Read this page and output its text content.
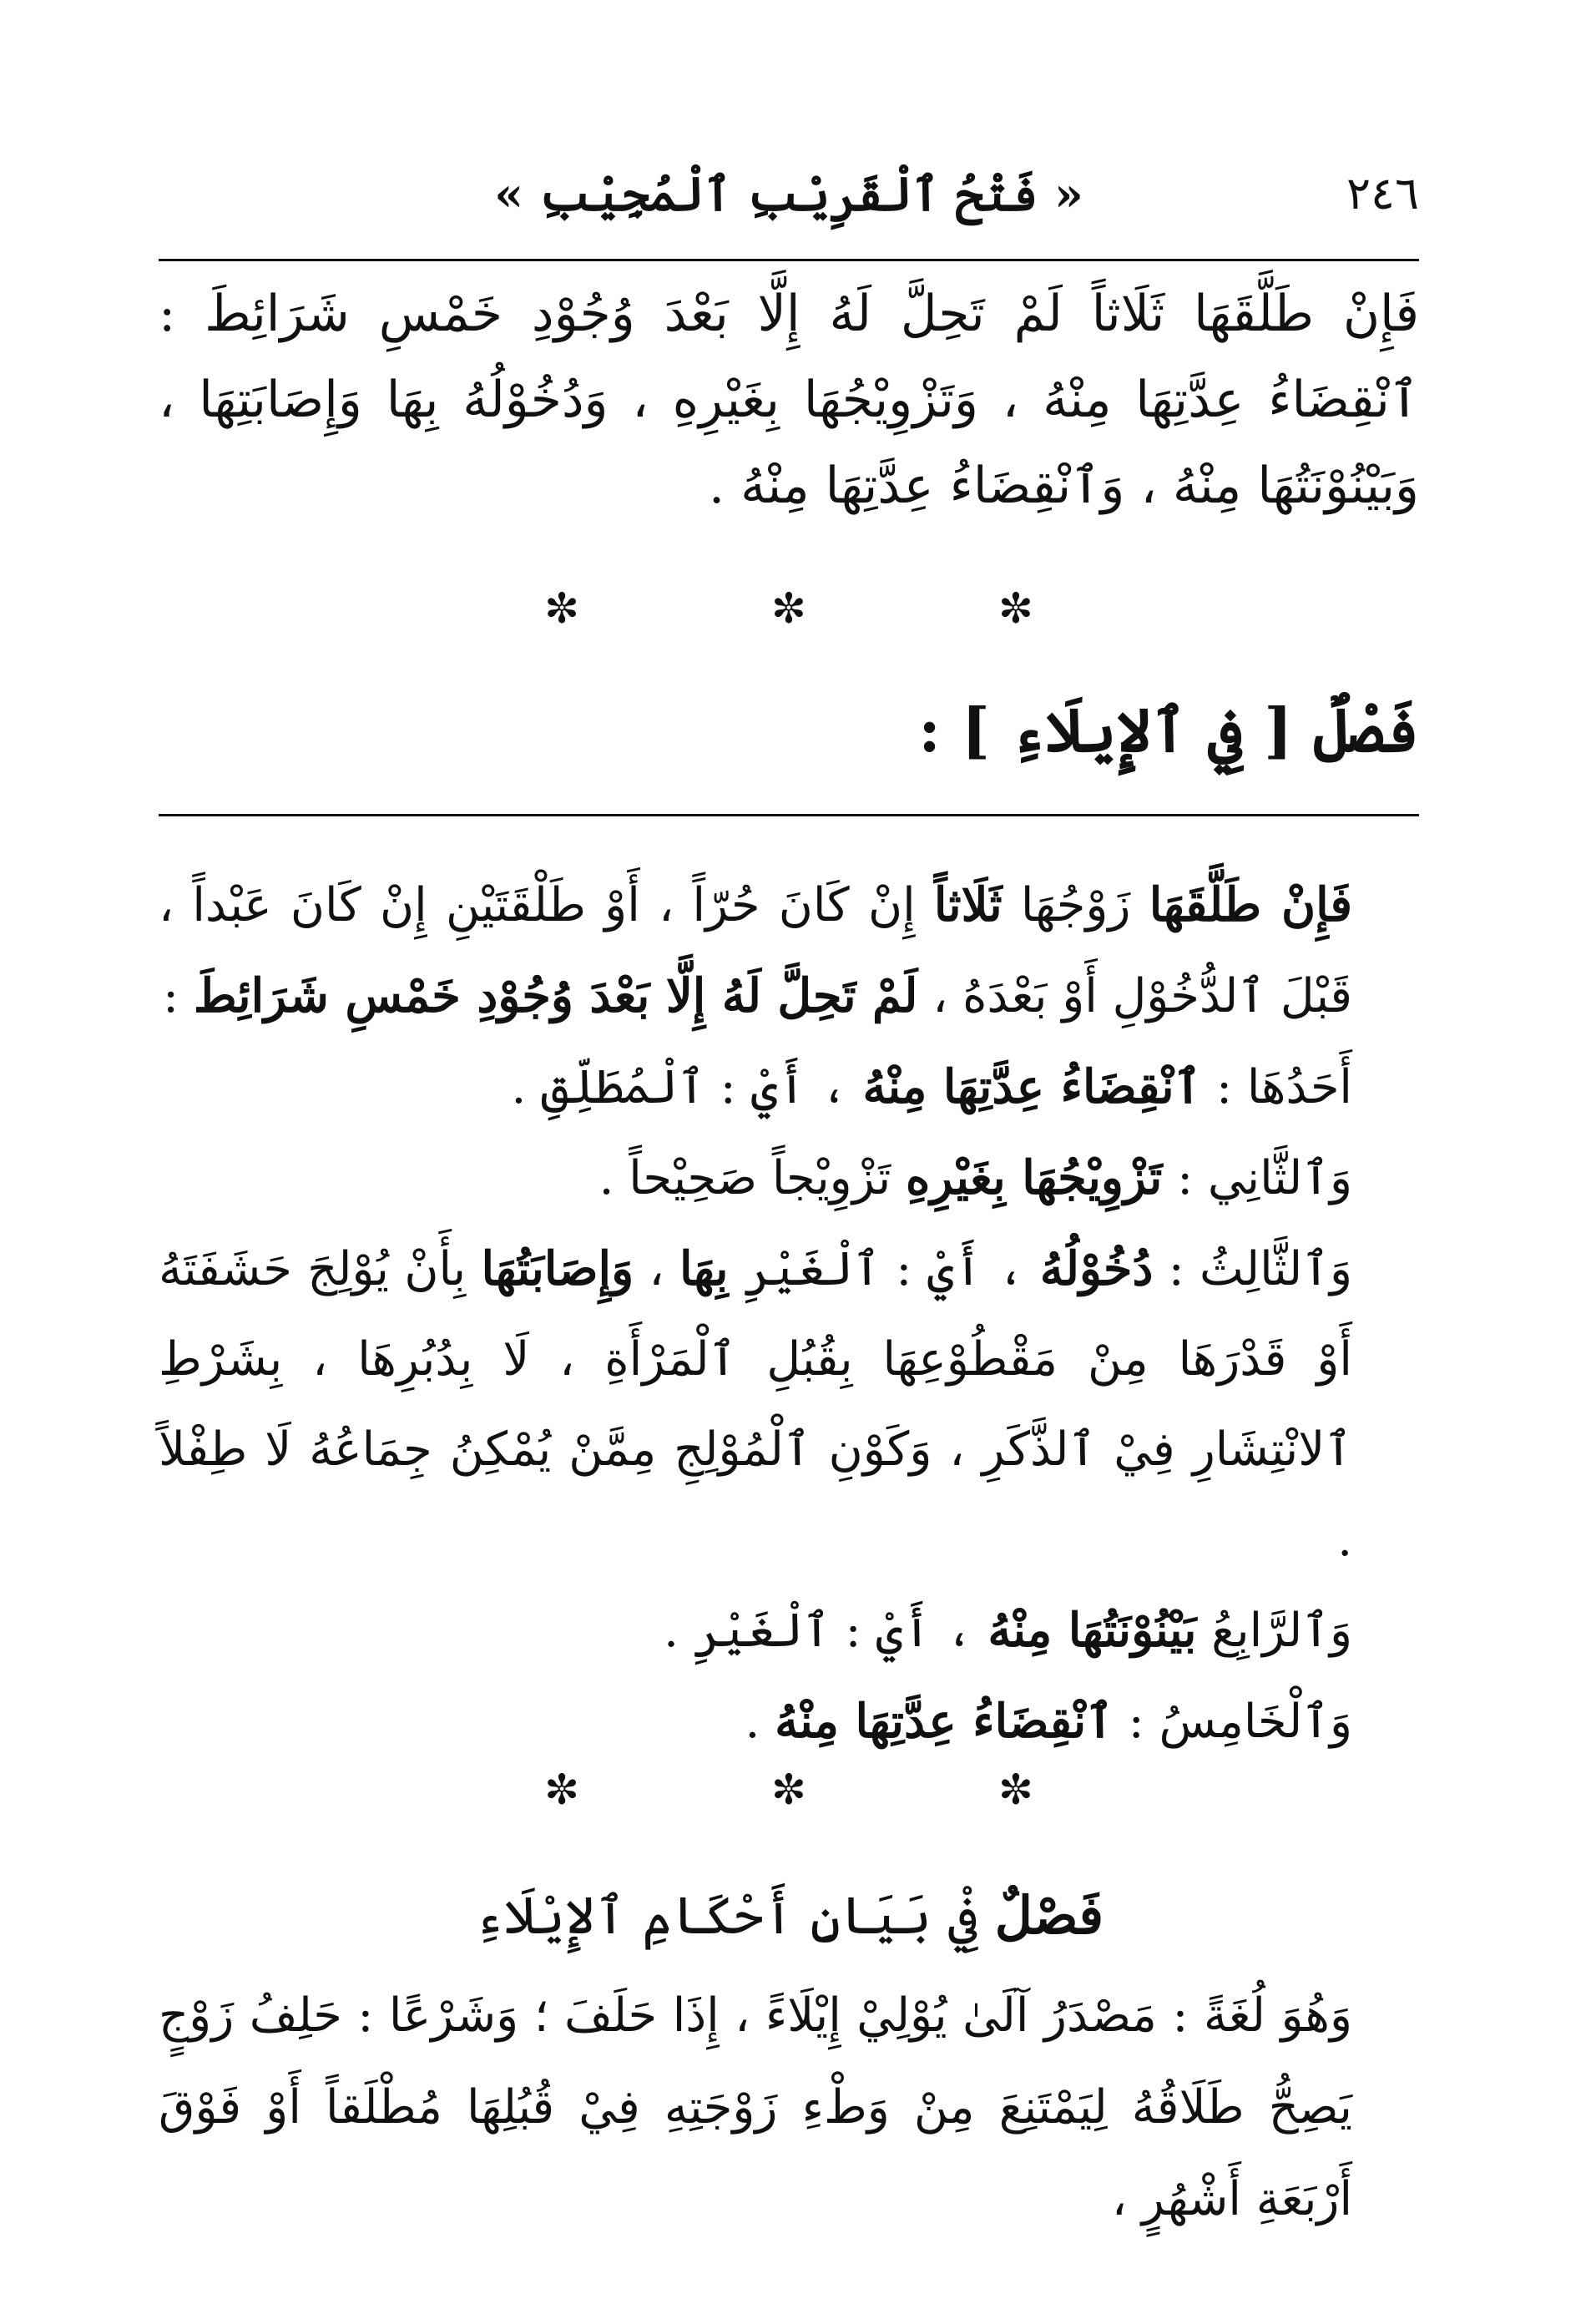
٢٤٦
« فَتْحُ ٱلْقَرِيْبِ ٱلْمُجِيْبِ »

فَإِنْ طَلَّقَهَا ثَلَاثاً لَمْ تَحِلَّ لَهُ إِلَّا بَعْدَ وُجُوْدِ خَمْسِ شَرَائِطَ : ٱنْقِضَاءُ عِدَّتِهَا مِنْهُ ، وَتَزْوِيْجُهَا بِغَيْرِهِ ، وَدُخُوْلُهُ بِهَا وَإِصَابَتِهَا ، وَبَيْنُوْنَتُهَا مِنْهُ ، وَٱنْقِضَاءُ عِدَّتِهَا مِنْهُ .

✼
✼
✼
فَصْلٌ [ فِي ٱلإِيلَاءِ ] :

فَإِنْ طَلَّقَهَا زَوْجُهَا ثَلَاثاً إِنْ كَانَ حُرّاً ، أَوْ طَلْقَتَيْنِ إِنْ كَانَ عَبْداً ، قَبْلَ ٱلدُّخُوْلِ أَوْ بَعْدَهُ ، لَمْ تَحِلَّ لَهُ إِلَّا بَعْدَ وُجُوْدِ خَمْسِ شَرَائِطَ :

أَحَدُهَا : ٱنْقِضَاءُ عِدَّتِهَا مِنْهُ ، أَيْ : ٱلْمُطَلِّقِ .

وَٱلثَّانِي : تَزْوِيْجُهَا بِغَيْرِهِ تَزْوِيْجاً صَحِيْحاً .

وَٱلثَّالِثُ : دُخُوْلُهُ ، أَيْ : ٱلْغَيْرِ بِهَا ، وَإِصَابَتُهَا بِأَنْ يُوْلِجَ حَشَفَتَهُ أَوْ قَدْرَهَا مِنْ مَقْطُوْعِهَا بِقُبُلِ ٱلْمَرْأَةِ ، لَا بِدُبُرِهَا ، بِشَرْطِ ٱلانْتِشَارِ فِيْ ٱلذَّكَرِ ، وَكَوْنِ ٱلْمُوْلِجِ مِمَّنْ يُمْكِنُ جِمَاعُهُ لَا طِفْلاً .

وَٱلرَّابِعُ بَيْنُوْنَتُهَا مِنْهُ ، أَيْ : ٱلْغَيْرِ .

وَٱلْخَامِسُ : ٱنْقِضَاءُ عِدَّتِهَا مِنْهُ .

✼
✼
✼
فَصْلٌ فِيْ بَيَانِ أَحْكَامِ ٱلإِيْلَاءِ

وَهُوَ لُغَةً : مَصْدَرُ آلَىٰ يُوْلِيْ إِيْلَاءً ، إِذَا حَلَفَ ؛ وَشَرْعًا : حَلِفُ زَوْجٍ يَصِحُّ طَلَاقُهُ لِيَمْتَنِعَ مِنْ وَطْءِ زَوْجَتِهِ فِيْ قُبُلِهَا مُطْلَقاً أَوْ فَوْقَ أَرْبَعَةِ أَشْهُرٍ ،
